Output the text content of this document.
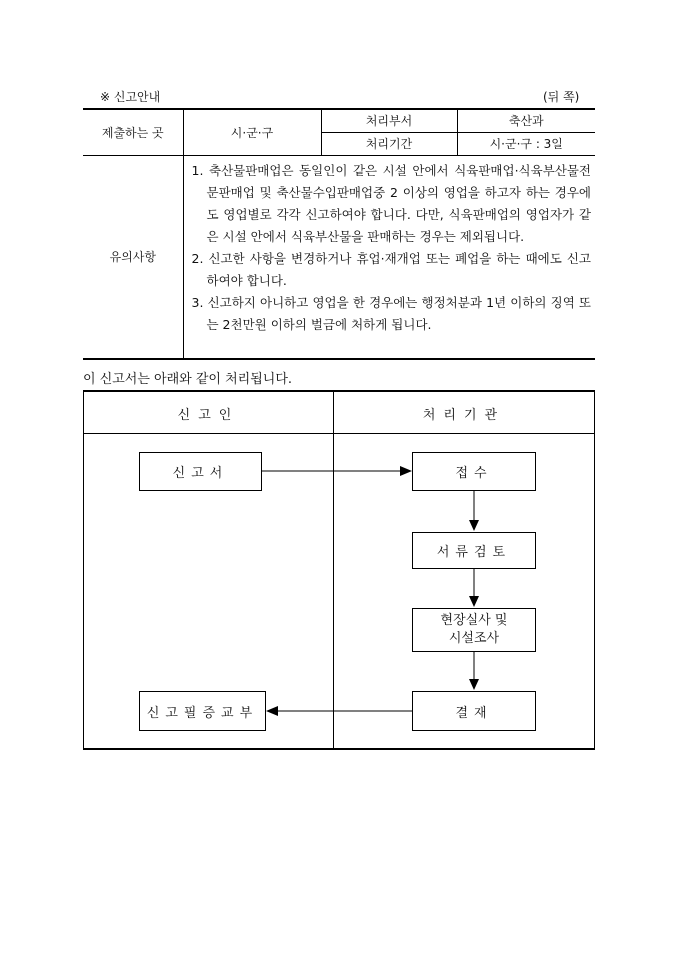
※ 신고안내	(뒤 쪽)
제출하는 곳	시·군·구	처리부서	축산과
		처리기간	시·군·구 : 3일
유의사항	1. 축산물판매업은 동일인이 같은 시설 안에서 식육판매업·식육부산물전문판매업 및 축산물수입판매업중 2 이상의 영업을 하고자 하는 경우에도 영업별로 각각 신고하여야 합니다. 다만, 식육판매업의 영업자가 같은 시설 안에서 식육부산물을 판매하는 경우는 제외됩니다.

2. 신고한 사항을 변경하거나 휴업·재개업 또는 폐업을 하는 때에도 신고하여야 합니다.

3. 신고하지 아니하고 영업을 한 경우에는 행정처분과 1년 이하의 징역 또는 2천만원 이하의 벌금에 처하게 됩니다.		

이 신고서는 아래와 같이 처리됩니다.
신고인	처리기관
신고서	접수
서류검토
현장실사 및
시설조사
결재
신고필증교부
